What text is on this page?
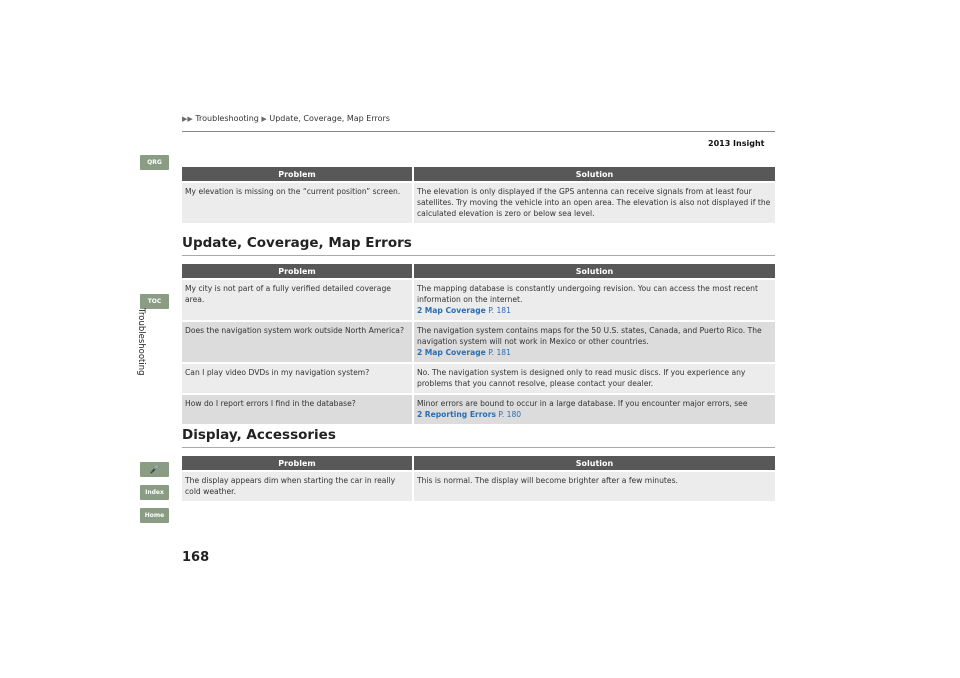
▶▶ Troubleshooting ▶ Update, Coverage, Map Errors
2013 Insight
QRG
TOC
🎤
Index
Home
Troubleshooting
Problem	Solution
My elevation is missing on the “current position” screen.	The elevation is only displayed if the GPS antenna can receive signals from at least four satellites. Try moving the vehicle into an open area. The elevation is also not displayed if the calculated elevation is zero or below sea level.
Update, Coverage, Map Errors
Problem	Solution
My city is not part of a fully verified detailed coverage area.	The mapping database is constantly undergoing revision. You can access the most recent information on the internet.
2 Map Coverage P. 181

Does the navigation system work outside North America?	The navigation system contains maps for the 50 U.S. states, Canada, and Puerto Rico. The navigation system will not work in Mexico or other countries.
2 Map Coverage P. 181

Can I play video DVDs in my navigation system?	No. The navigation system is designed only to read music discs. If you experience any problems that you cannot resolve, please contact your dealer.
How do I report errors I find in the database?	Minor errors are bound to occur in a large database. If you encounter major errors, see
2 Reporting Errors P. 180
Display, Accessories
Problem	Solution
The display appears dim when starting the car in really cold weather.	This is normal. The display will become brighter after a few minutes.
168
